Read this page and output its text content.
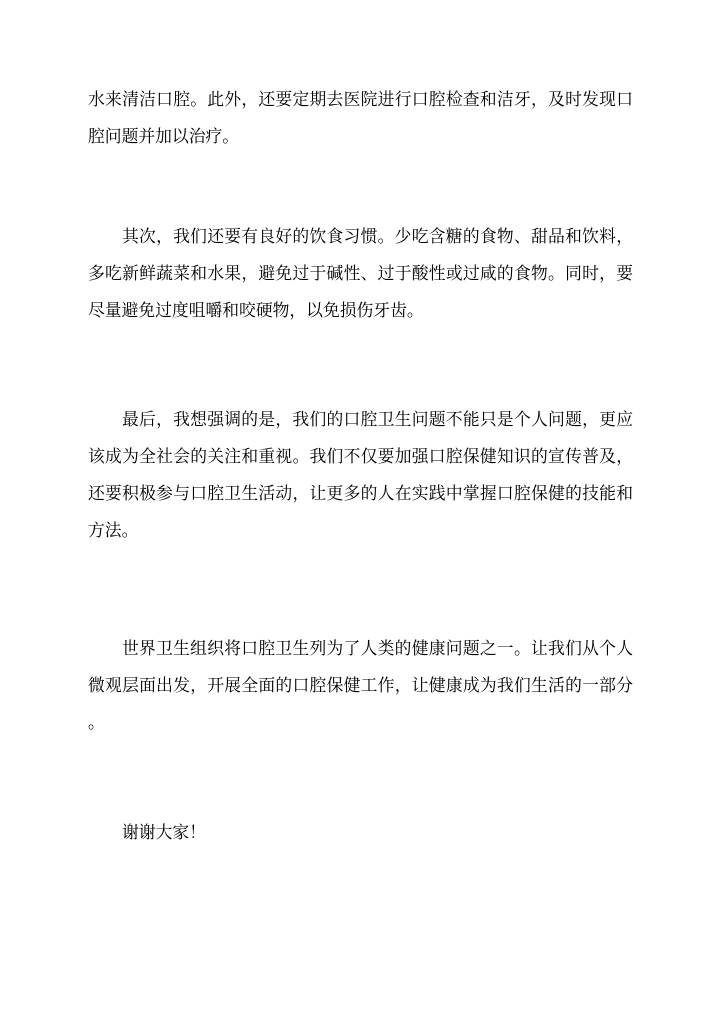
水来清洁口腔。此外，还要定期去医院进行口腔检查和洁牙，及时发现口
腔问题并加以治疗。
其次，我们还要有良好的饮食习惯。少吃含糖的食物、甜品和饮料，
多吃新鲜蔬菜和水果，避免过于碱性、过于酸性或过咸的食物。同时，要
尽量避免过度咀嚼和咬硬物，以免损伤牙齿。
最后，我想强调的是，我们的口腔卫生问题不能只是个人问题，更应
该成为全社会的关注和重视。我们不仅要加强口腔保健知识的宣传普及，
还要积极参与口腔卫生活动，让更多的人在实践中掌握口腔保健的技能和
方法。
世界卫生组织将口腔卫生列为了人类的健康问题之一。让我们从个人
微观层面出发，开展全面的口腔保健工作，让健康成为我们生活的一部分
。
谢谢大家！
